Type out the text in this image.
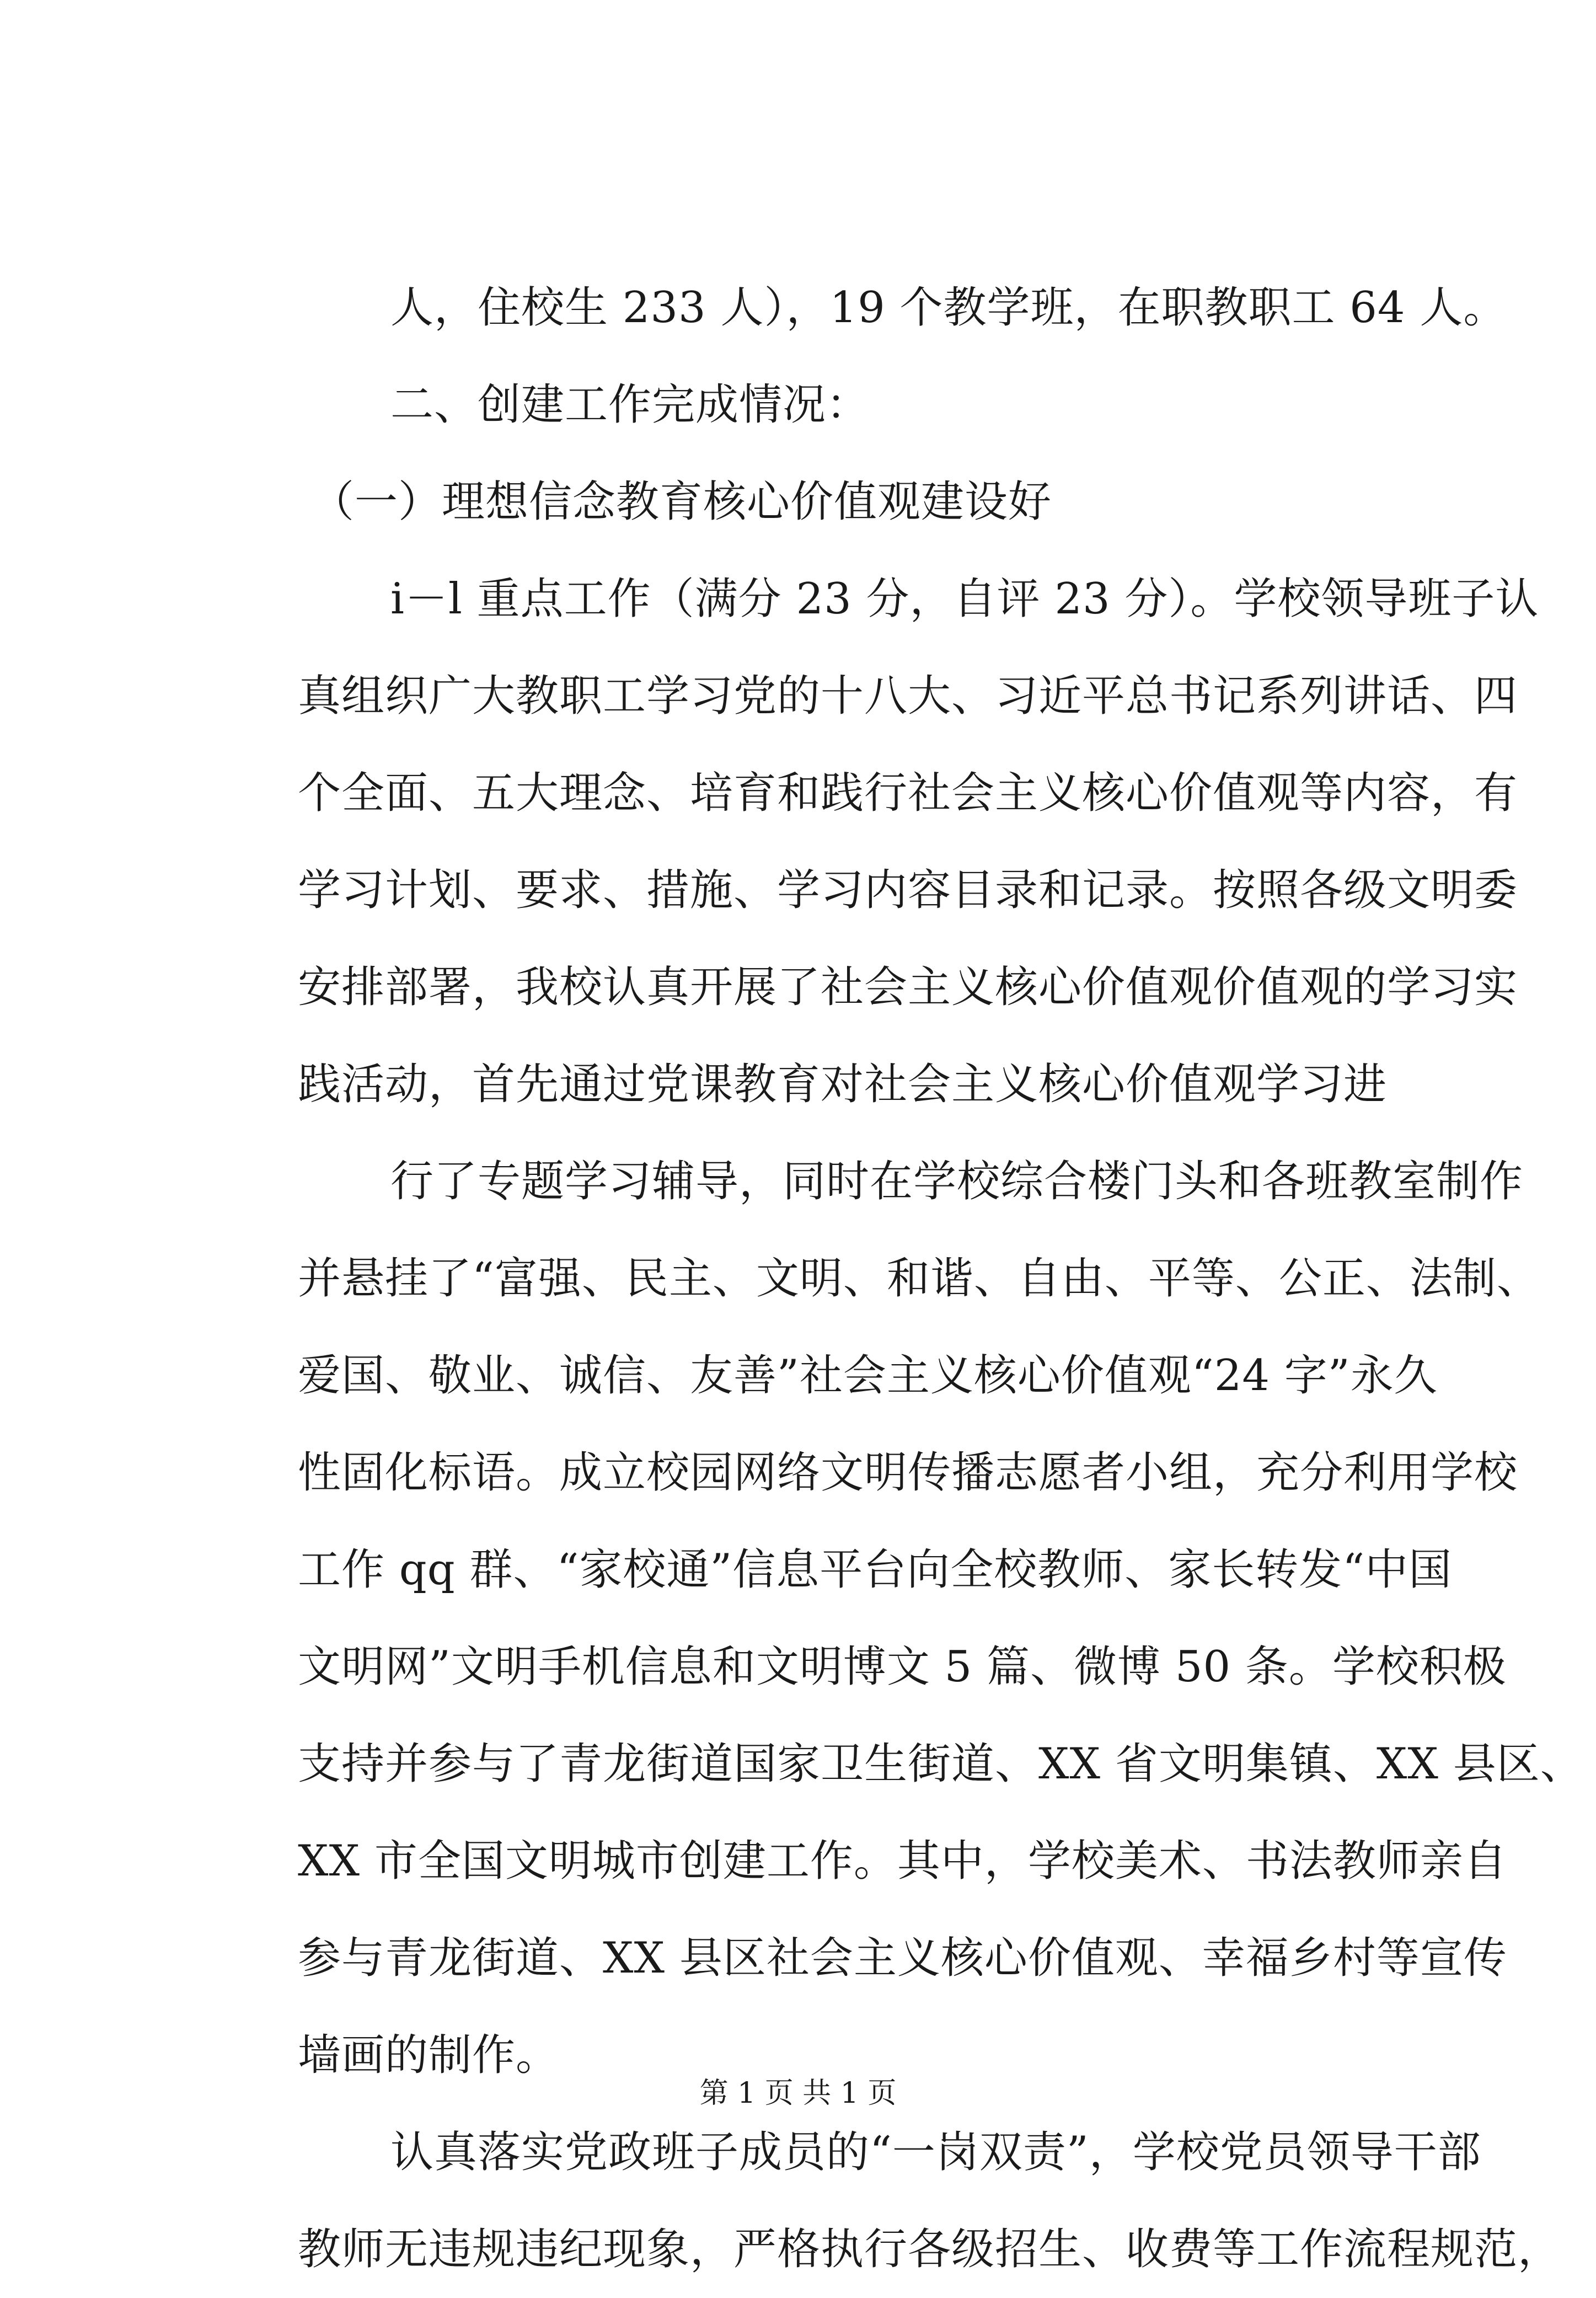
人，住校生 233 人），19 个教学班，在职教职工 64 人。
二、创建工作完成情况：
（一）理想信念教育核心价值观建设好
i－l 重点工作（满分 23 分，自评 23 分）。学校领导班子认
真组织广大教职工学习党的十八大、习近平总书记系列讲话、四
个全面、五大理念、培育和践行社会主义核心价值观等内容，有
学习计划、要求、措施、学习内容目录和记录。按照各级文明委
安排部署，我校认真开展了社会主义核心价值观价值观的学习实
践活动，首先通过党课教育对社会主义核心价值观学习进
行了专题学习辅导，同时在学校综合楼门头和各班教室制作
并悬挂了“富强、民主、文明、和谐、自由、平等、公正、法制、
爱国、敬业、诚信、友善”社会主义核心价值观“24 字”永久
性固化标语。成立校园网络文明传播志愿者小组，充分利用学校
工作 qq 群、“家校通”信息平台向全校教师、家长转发“中国
文明网”文明手机信息和文明博文 5 篇、微博 50 条。学校积极
支持并参与了青龙街道国家卫生街道、XX 省文明集镇、XX 县区、
XX 市全国文明城市创建工作。其中，学校美术、书法教师亲自
参与青龙街道、XX 县区社会主义核心价值观、幸福乡村等宣传
墙画的制作。
认真落实党政班子成员的“一岗双责”，学校党员领导干部
教师无违规违纪现象，严格执行各级招生、收费等工作流程规范，
第 1 页 共 1 页
